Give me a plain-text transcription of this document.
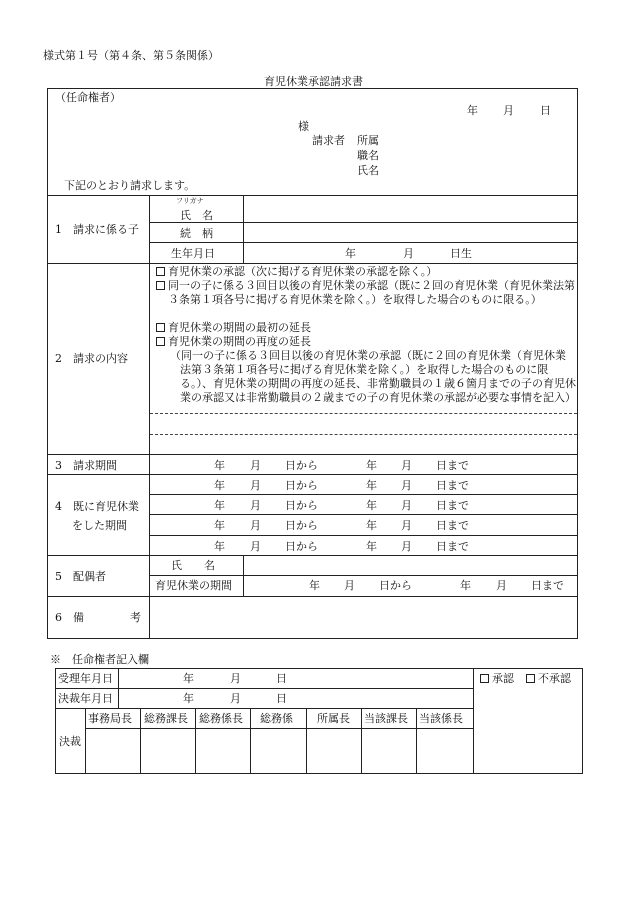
様式第１号（第４条、第５条関係）
育児休業承認請求書
（任命権者）
年 月 日
様
請求者 所属
職名
氏名
下記のとおり請求します。
1　請求に係る子
フリガナ
氏　名
続　柄
生年月日	年	月	日生
2　請求の内容
育児休業の承認（次に掲げる育児休業の承認を除く。）
同一の子に係る３回目以後の育児休業の承認（既に２回の育児休業（育児休業法第３条第１項各号に掲げる育児休業を除く。）を取得した場合のものに限る。）
育児休業の期間の最初の延長
育児休業の期間の再度の延長
（同一の子に係る３回目以後の育児休業の承認（既に２回の育児休業（育児休業法第３条第１項各号に掲げる育児休業を除く。）を取得した場合のものに限る。）、育児休業の期間の再度の延長、非常勤職員の１歳６箇月までの子の育児休業の承認又は非常勤職員の２歳までの子の育児休業の承認が必要な事情を記入）
3　請求期間	年 月 日から	年 月 日まで
4　既に育児休業
をした期間
年 月 日から	年 月 日まで
年 月 日から	年 月 日まで
年 月 日から	年 月 日まで
年 月 日から	年 月 日まで
5　配偶者
氏　　名
育児休業の期間	年 月 日から	年 月 日まで
6　備	考
※　任命権者記入欄
受理年月日	年	月	日
決裁年月日	年	月	日
承認	不承認
決裁
事務局長 総務課長 総務係長 総務係 所属長 当該課長 当該係長
